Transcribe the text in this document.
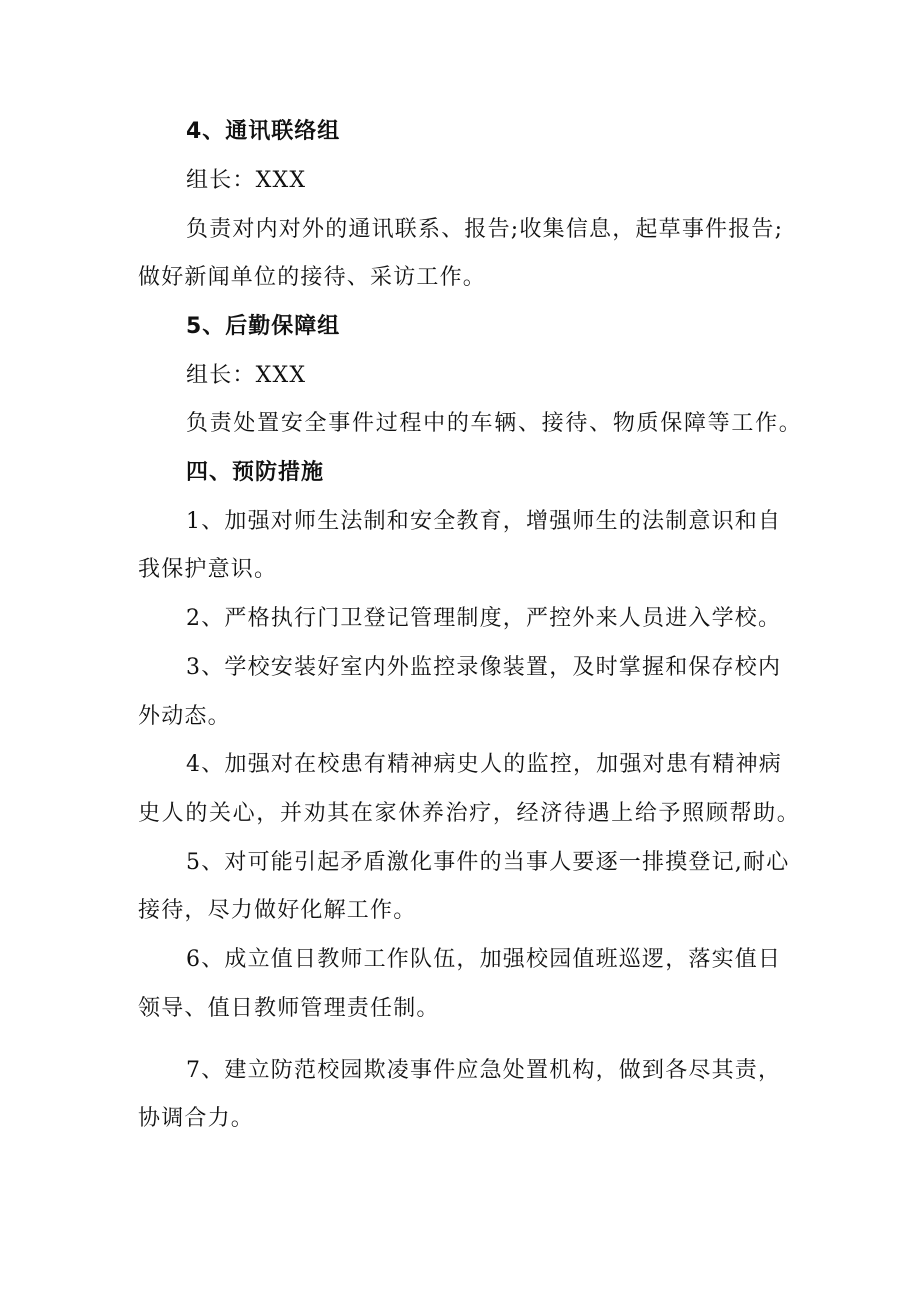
4、通讯联络组
组长：XXX
负责对内对外的通讯联系、报告;收集信息，起草事件报告;
做好新闻单位的接待、采访工作。
5、后勤保障组
组长：XXX
负责处置安全事件过程中的车辆、接待、物质保障等工作。
四、预防措施
1、加强对师生法制和安全教育，增强师生的法制意识和自
我保护意识。
2、严格执行门卫登记管理制度，严控外来人员进入学校。
3、学校安装好室内外监控录像装置，及时掌握和保存校内
外动态。
4、加强对在校患有精神病史人的监控，加强对患有精神病
史人的关心，并劝其在家休养治疗，经济待遇上给予照顾帮助。
5、对可能引起矛盾激化事件的当事人要逐一排摸登记,耐心
接待，尽力做好化解工作。
6、成立值日教师工作队伍，加强校园值班巡逻，落实值日
领导、值日教师管理责任制。
7、建立防范校园欺凌事件应急处置机构，做到各尽其责，
协调合力。
